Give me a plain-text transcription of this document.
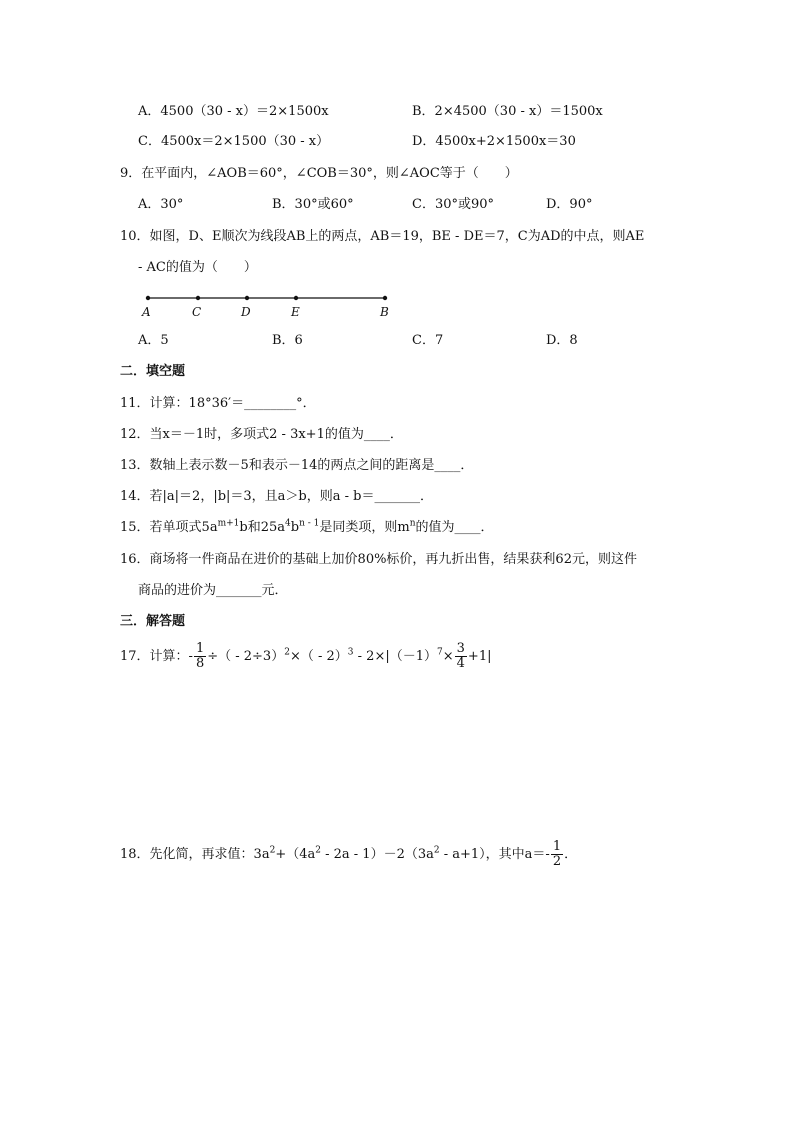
A．4500（30 - x）＝2×1500x	B．2×4500（30 - x）＝1500x
C．4500x＝2×1500（30 - x）	D．4500x+2×1500x＝30
9．在平面内，∠AOB＝60°，∠COB＝30°，则∠AOC等于（　　）
A．30°	B．30°或60°	C．30°或90°	D．90°
10．如图，D、E顺次为线段AB上的两点，AB＝19，BE - DE＝7，C为AD的中点，则AE
- AC的值为（　　）
A	C	D	E	B
A．5	B．6	C．7	D．8
二．填空题
11．计算：18°36′＝________°．
12．当x＝－1时，多项式2 - 3x+1的值为____．
13．数轴上表示数－5和表示－14的两点之间的距离是____．
14．若|a|＝2，|b|＝3，且a＞b，则a - b＝_______．
15．若单项式$5a^{m+1}b$和$25a^4b^{n - 1}$是同类项，则$m^n$的值为____．
16．商场将一件商品在进价的基础上加价80%标价，再九折出售，结果获利62元，则这件
商品的进价为_______元．
三．解答题
17．计算：- $\frac{1}{8}$ ÷（ - $2\div 3)^2\times( - 2)^3 - 2\times|(-1)^7\times \frac{3}{4} +1|$
18．先化简，再求值：$3a^2+(4a^2 - 2a - 1)-2(3a^2 - a+1)$，其中$a=- \frac{1}{2}$ ．
